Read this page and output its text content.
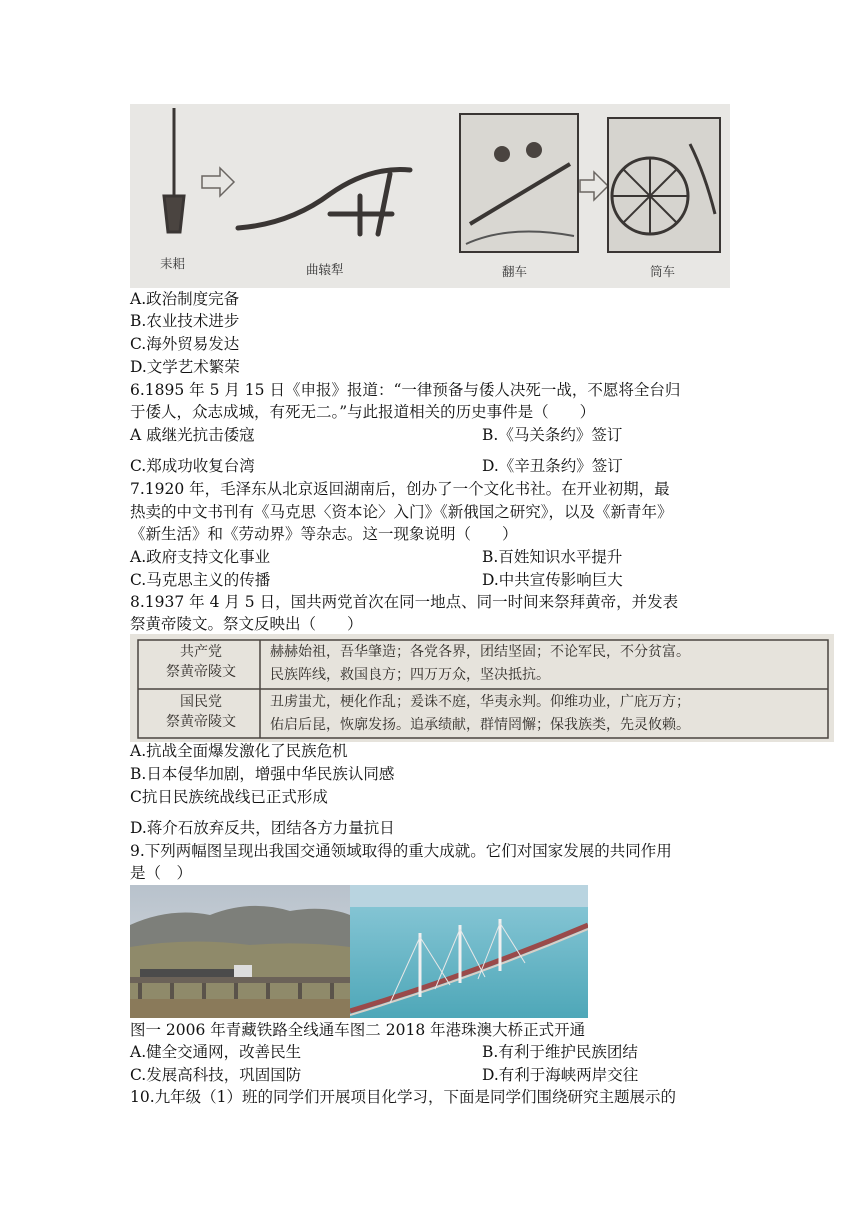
耒耜	曲辕犁	翻车	筒车
A.政治制度完备
B.农业技术进步
C.海外贸易发达
D.文学艺术繁荣
6.1895 年 5 月 15 日《申报》报道：“一律预备与倭人决死一战，不愿将全台归
于倭人，众志成城，有死无二。”与此报道相关的历史事件是（　　）
A 戚继光抗击倭寇	B.《马关条约》签订
C.郑成功收复台湾	D.《辛丑条约》签订
7.1920 年，毛泽东从北京返回湖南后，创办了一个文化书社。在开业初期，最
热卖的中文书刊有《马克思〈资本论〉入门》《新俄国之研究》，以及《新青年》
《新生活》和《劳动界》等杂志。这一现象说明（　　）
A.政府支持文化事业	B.百姓知识水平提升
C.马克思主义的传播	D.中共宣传影响巨大
8.1937 年 4 月 5 日，国共两党首次在同一地点、同一时间来祭拜黄帝，并发表
祭黄帝陵文。祭文反映出（　　）
共产党
祭黄帝陵文
赫赫始祖，吾华肇造；各党各界，团结坚固；不论军民，不分贫富。
民族阵线，救国良方；四万万众，坚决抵抗。
国民党
祭黄帝陵文
丑虏蚩尤，梗化作乱；爰诛不庭，华夷永判。仰维功业，广庇万方；
佑启后昆，恢廓发扬。追承绩献，群情罔懈；保我族类，先灵攸赖。
A.抗战全面爆发激化了民族危机
B.日本侵华加剧，增强中华民族认同感
C抗日民族统战线已正式形成
D.蒋介石放弃反共，团结各方力量抗日
9.下列两幅图呈现出我国交通领域取得的重大成就。它们对国家发展的共同作用
是（　）
图一 2006 年青藏铁路全线通车图二 2018 年港珠澳大桥正式开通
A.健全交通网，改善民生	B.有利于维护民族团结
C.发展高科技，巩固国防	D.有利于海峡两岸交往
10.九年级（1）班的同学们开展项目化学习，下面是同学们围绕研究主题展示的
